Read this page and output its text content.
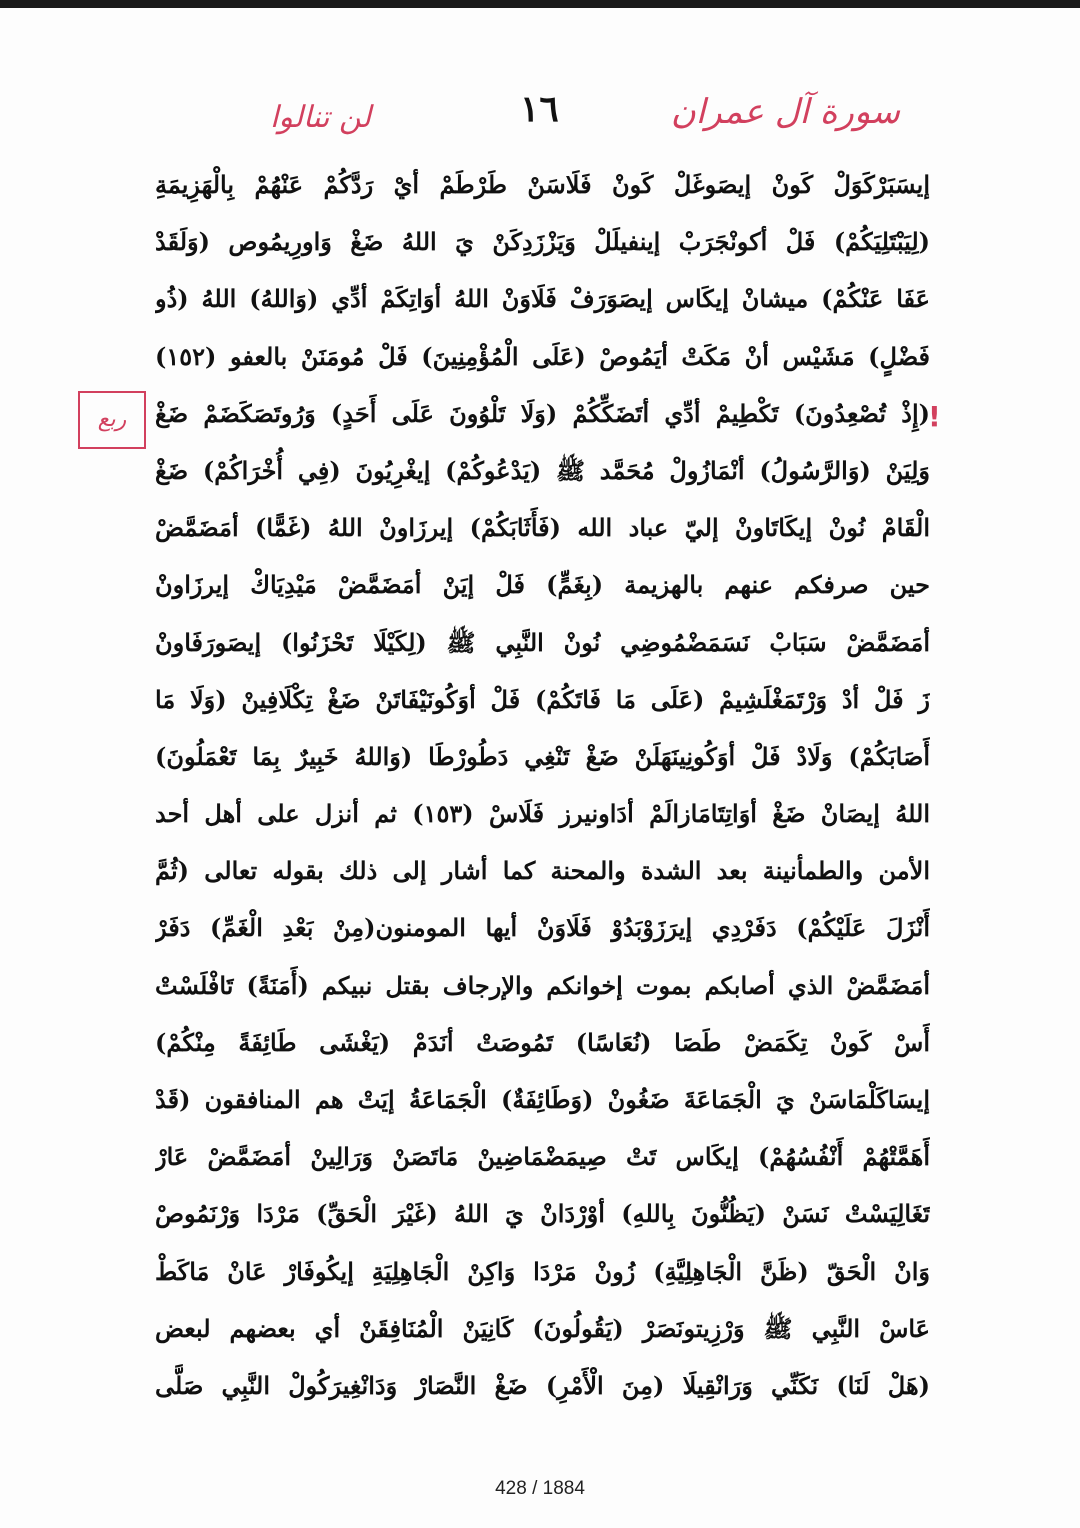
سورة آل عمران
١٦
لن تنالوا
!
ربع
إيسَبَرْكَوَلْ كَونْ إيصَوغَلْ كَونْ فَلَاسَنْ طَرْطَمْ أيْ رَدَّكُمْ عَنْهُمْ بِالْهَزِيمَةِ
(لِيَبْتَلِيَكُمْ) فَلْ أكونْجَرَبْ إينفيلَلْ وَيَزْزَدِكَنْ يَ اللهُ ضَغْ وَاورِيمُوص (وَلَقَدْ
عَفَا عَنْكُمْ) ميشانْ إيكَاس إيصَوَرَفْ فَلَاوَنْ اللهُ أوَاتِكَمْ أدِّي (وَاللهُ) اللهُ (ذُو
فَضْلٍ) مَشَيْس أنْ مَكَتْ أيَمُوصْ (عَلَى الْمُؤْمِنِينَ) فَلْ مُومَنَنْ بالعفو (١٥٢)
(إِذْ تُصْعِدُونَ) تَكْطِيمْ أدِّي أتَضَكِّكُمْ (وَلَا تَلْوُونَ عَلَى أَحَدٍ) وَرُوتَصَكَضَمْ ضَغْ
وَلِيَنْ (وَالرَّسُولُ) أنْمَازُولْ مُحَمَّد ﷺ (يَدْعُوكُمْ) إيغْرِيُونَ (فِي أُخْرَاكُمْ) ضَغْ
الْقَامْ نُونْ إيكَاتَاونْ إليّ عباد الله (فَأَثَابَكُمْ) إيرزَاونْ اللهُ (غَمًّا) أمَضَمَّضْ
حين صرفكم عنهم بالهزيمة (بِغَمٍّ) فَلْ إيَنْ أمَضَمَّضْ مَيْدِيَاكْ إيرزَاونْ
أمَضَمَّضْ سَبَابْ نَسَمَضْمُوضِي نُونْ النَّبِي ﷺ (لِكَيْلَا تَحْزَنُوا) إيصَورَفَاونْ
زَ فَلْ أدْ وَرْتَمَغْلَشِيمْ (عَلَى مَا فَاتَكُمْ) فَلْ أوَكُونَيْفَاتَنْ ضَغْ تِكْلَافِينْ (وَلَا مَا
أَصَابَكُمْ) وَلَادْ فَلْ أوَكُونِينَهَلَنْ ضَغْ تَنْغِي دَطُورْطَا (وَاللهُ خَبِيرٌ بِمَا تَعْمَلُونَ)
اللهُ إيصَانْ ضَغْ أوَاتِتَامَازالَمْ أدَاونيرز فَلَاسْ (١٥٣) ثم أنزل على أهل أحد
الأمن والطمأنينة بعد الشدة والمحنة كما أشار إلى ذلك بقوله تعالى (ثُمَّ
أَنْزَلَ عَلَيْكُمْ) دَفَرْدِي إيرَزَوْبَدُوْ فَلَاوَنْ أيها المومنون(مِنْ بَعْدِ الْغَمِّ) دَفَرْ
أمَضَمَّضْ الذي أصابكم بموت إخوانكم والإرجاف بقتل نبيكم (أَمَنَةً) تَافْلَسْتْ
أَسْ كَونْ تِكَمَضْ طَصَا (نُعَاسًا) تَمُوصَتْ أنَدَمْ (يَغْشَى طَائِفَةً مِنْكُمْ)
إيسَاكَلْمَاسَنْ يَ الْجَمَاعَةَ ضَغُونْ (وَطَائِفَةٌ) الْجَمَاعَةُ إيَتْ هم المنافقون (قَدْ
أَهَمَّتْهُمْ أَنْفُسُهُمْ) إيكَاس تَتْ صِيمَضْمَاضِينْ مَاتَصَنْ وَرَالِينْ أمَضَمَّضْ عَارْ
تَغَالِيَسْتْ نَسَنْ (يَظُنُّونَ بِاللهِ) أوْرْدَانْ يَ اللهُ (غَيْرَ الْحَقِّ) مَرْدَا وَرْنَمُوصْ
وَانْ الْحَقّ (ظَنَّ الْجَاهِلِيَّةِ) زُونْ مَرْدَا وَاكِنْ الْجَاهِلِيَةِ إيكُوفَارْ عَانْ مَاكَطْ
عَاسْ النَّبِي ﷺ وَرْزِيتونَصَرْ (يَقُولُونَ) كَانِيَنْ الْمُنَافِقَنْ أي بعضهم لبعض
(هَلْ لَنَا) نَكَنِّي وَرَانْقِيلَا (مِنَ الْأَمْرِ) ضَغْ النَّصَارْ وَدَانْغِيرَكُولْ النَّبِي صَلَّى
428 / 1884
